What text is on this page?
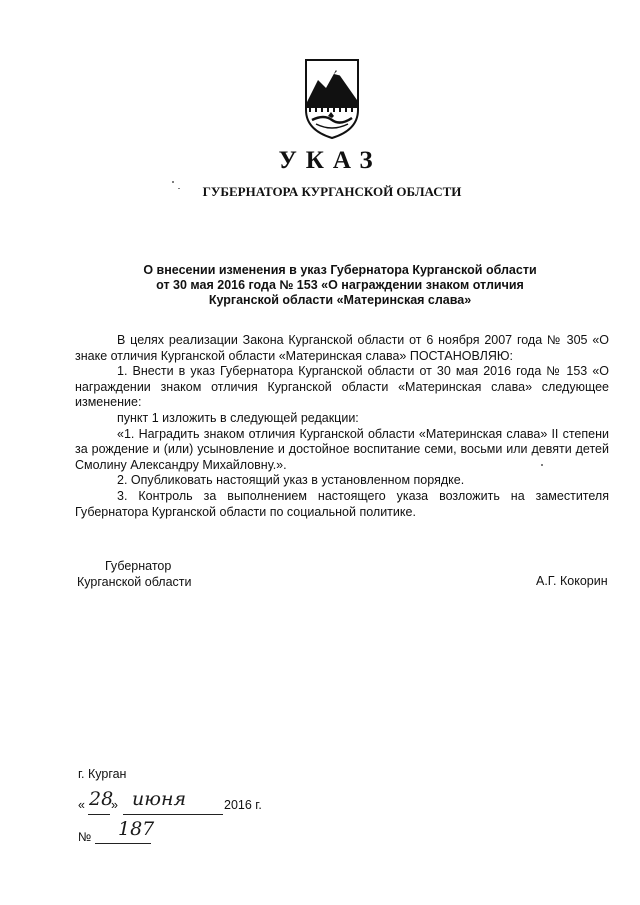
УКАЗ
ГУБЕРНАТОРА КУРГАНСКОЙ ОБЛАСТИ
О внесении изменения в указ Губернатора Курганской области
от 30 мая 2016 года № 153 «О награждении знаком отличия
Курганской области «Материнская слава»

В целях реализации Закона Курганской области от 6 ноября 2007 года № 305 «О знаке отличия Курганской области «Материнская слава» ПОСТАНОВЛЯЮ:

1. Внести в указ Губернатора Курганской области от 30 мая 2016 года № 153 «О награждении знаком отличия Курганской области «Материнская слава» следующее изменение:

пункт 1 изложить в следующей редакции:

«1. Наградить знаком отличия Курганской области «Материнская слава» II степени за рождение и (или) усыновление и достойное воспитание семи, восьми или девяти детей Смолину Александру Михайловну.».

2. Опубликовать настоящий указ в установленном порядке.

3. Контроль за выполнением настоящего указа возложить на заместителя Губернатора Курганской области по социальной политике.

Губернатор
Курганской области	А.Г. Кокорин
г. Курган
« 28
» июня	2016 г.
№ 187
